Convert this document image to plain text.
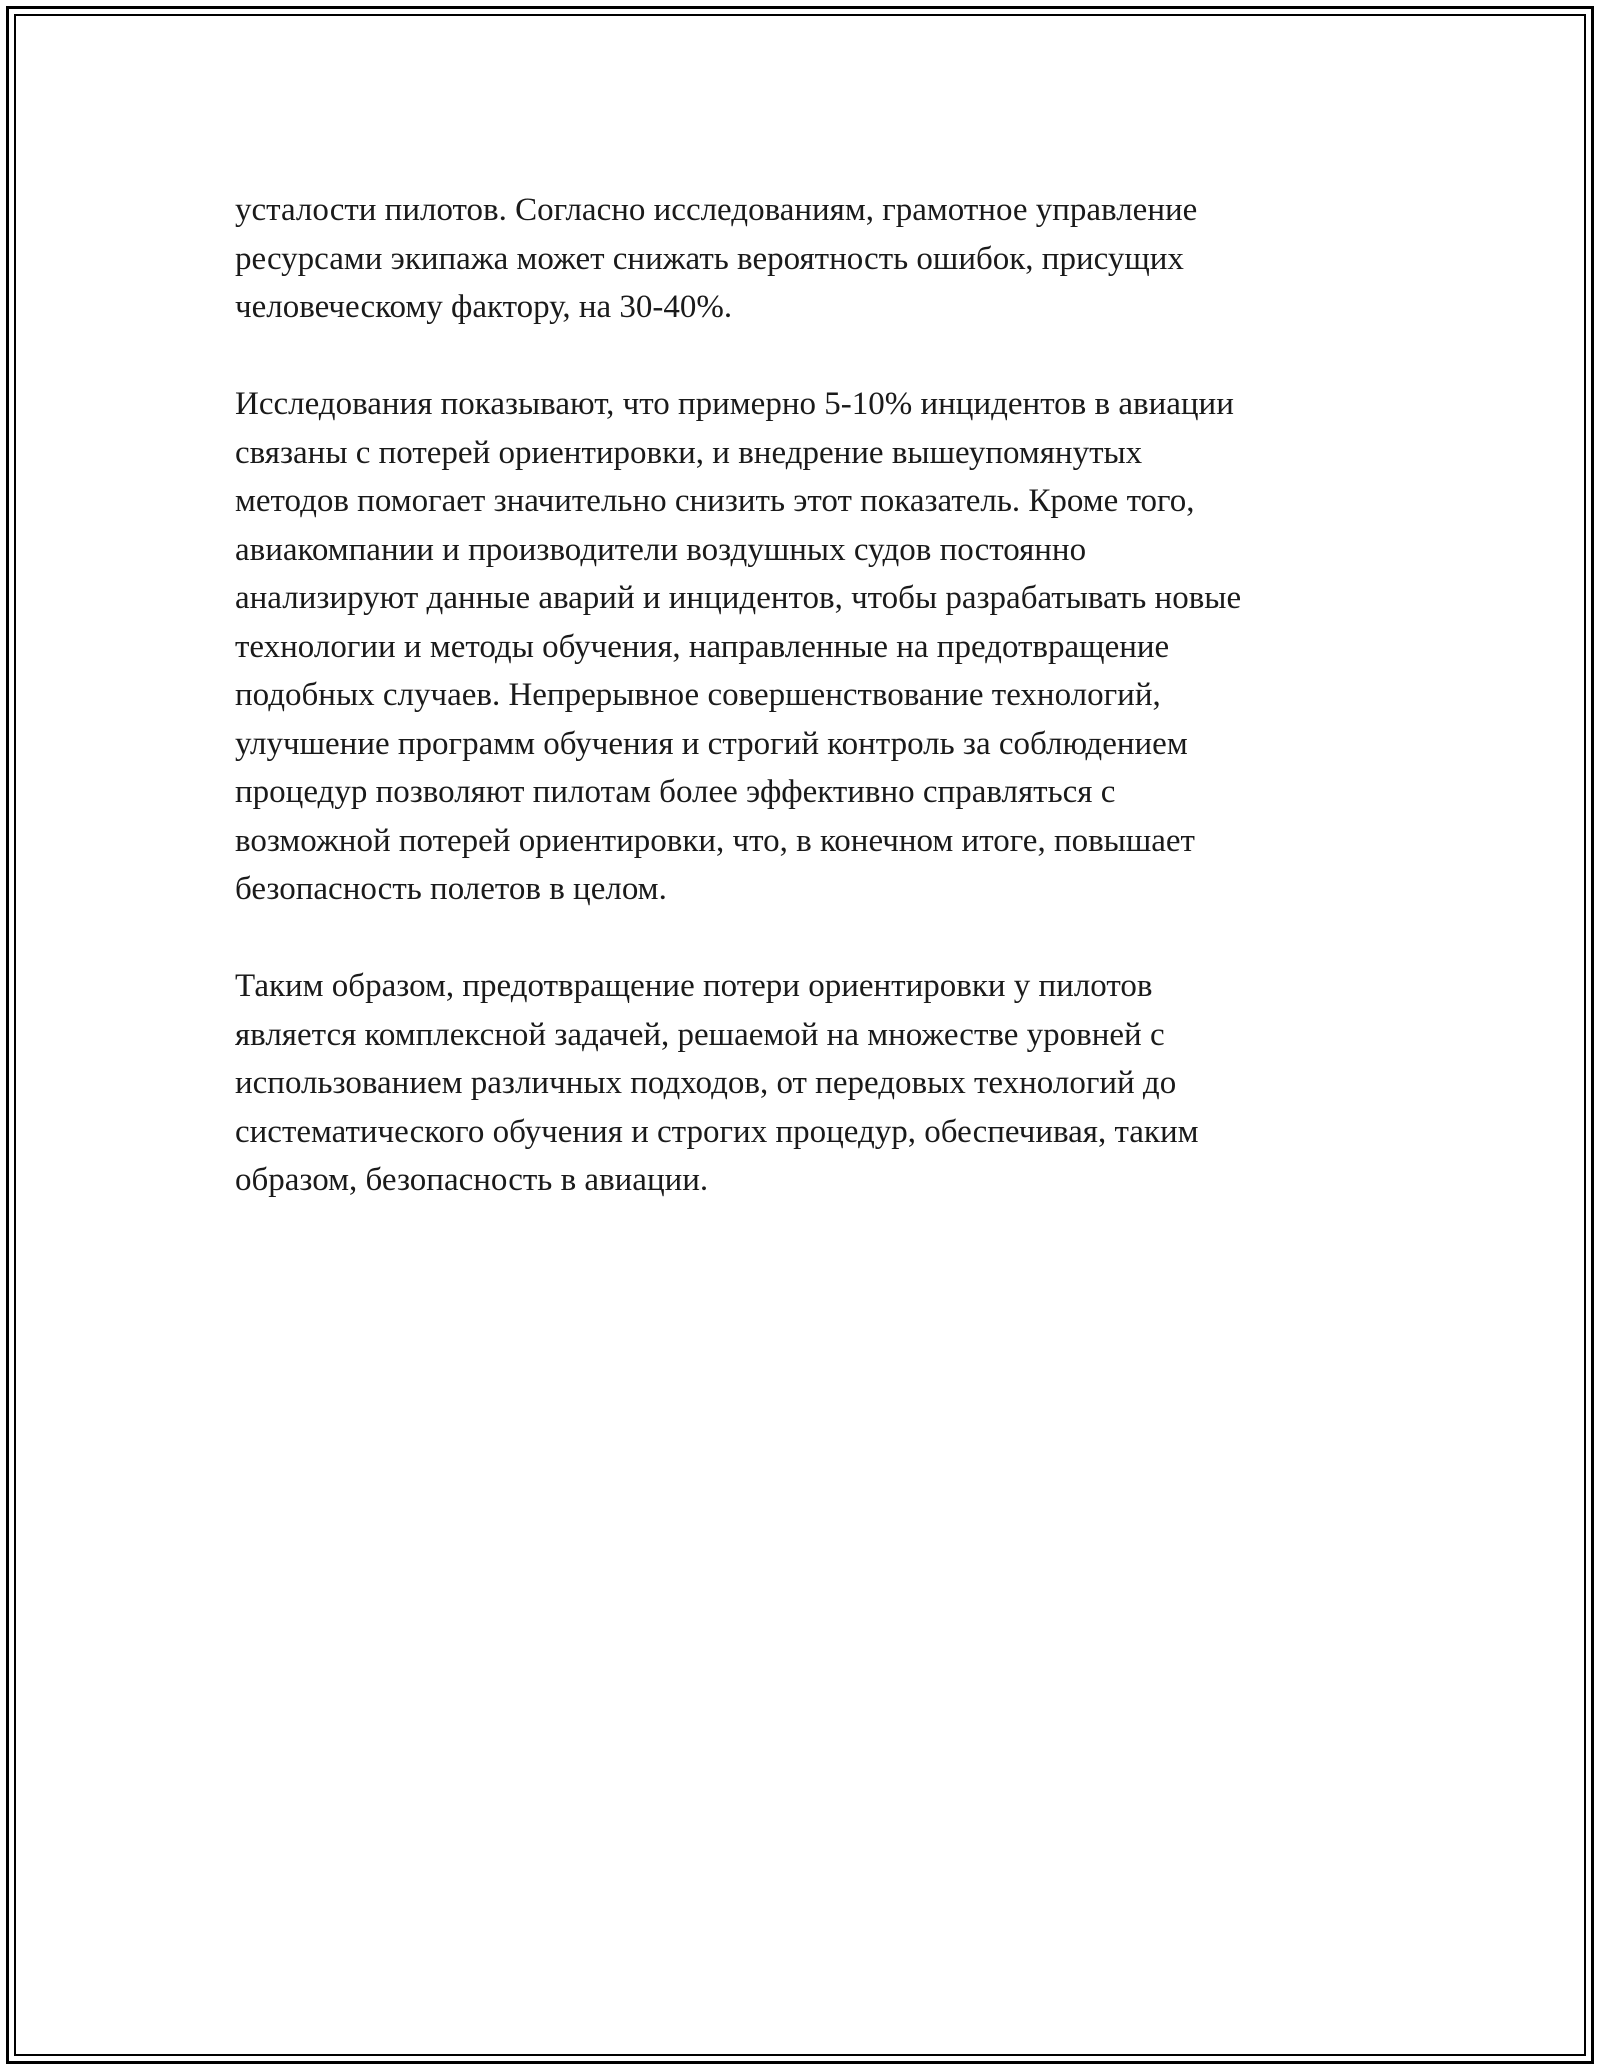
усталости пилотов. Согласно исследованиям, грамотное управление
ресурсами экипажа может снижать вероятность ошибок, присущих
человеческому фактору, на 30-40%.

Исследования показывают, что примерно 5-10% инцидентов в авиации
связаны с потерей ориентировки, и внедрение вышеупомянутых
методов помогает значительно снизить этот показатель. Кроме того,
авиакомпании и производители воздушных судов постоянно
анализируют данные аварий и инцидентов, чтобы разрабатывать новые
технологии и методы обучения, направленные на предотвращение
подобных случаев. Непрерывное совершенствование технологий,
улучшение программ обучения и строгий контроль за соблюдением
процедур позволяют пилотам более эффективно справляться с
возможной потерей ориентировки, что, в конечном итоге, повышает
безопасность полетов в целом.

Таким образом, предотвращение потери ориентировки у пилотов
является комплексной задачей, решаемой на множестве уровней с
использованием различных подходов, от передовых технологий до
систематического обучения и строгих процедур, обеспечивая, таким
образом, безопасность в авиации.
